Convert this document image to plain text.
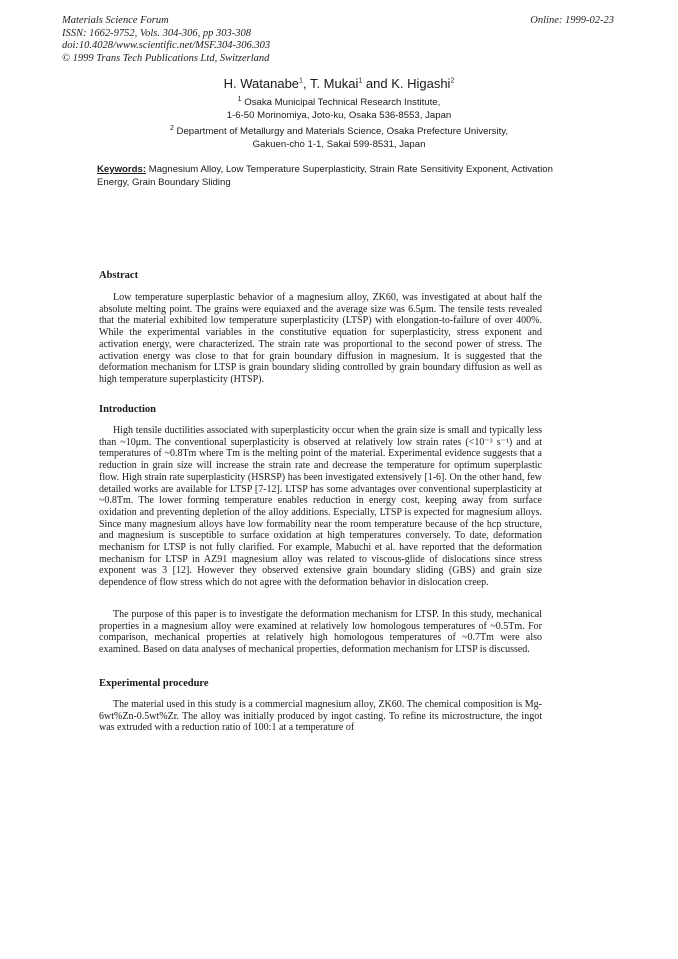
Materials Science Forum
ISSN: 1662-9752, Vols. 304-306, pp 303-308
doi:10.4028/www.scientific.net/MSF.304-306.303
© 1999 Trans Tech Publications Ltd, Switzerland
Online: 1999-02-23
H. Watanabe$^1$, T. Mukai$^1$ and K. Higashi$^2$
$^1$ Osaka Municipal Technical Research Institute,
1-6-50 Morinomiya, Joto-ku, Osaka 536-8553, Japan
$^2$ Department of Metallurgy and Materials Science, Osaka Prefecture University,
Gakuen-cho 1-1, Sakai 599-8531, Japan
Keywords: Magnesium Alloy, Low Temperature Superplasticity, Strain Rate Sensitivity Exponent, Activation Energy, Grain Boundary Sliding
Abstract
Low temperature superplastic behavior of a magnesium alloy, ZK60, was investigated at about half the absolute melting point. The grains were equiaxed and the average size was 6.5μm. The tensile tests revealed that the material exhibited low temperature superplasticity (LTSP) with elongation-to-failure of over 400%. While the experimental variables in the constitutive equation for superplasticity, stress exponent and activation energy, were characterized. The strain rate was proportional to the second power of stress. The activation energy was close to that for grain boundary diffusion in magnesium. It is suggested that the deformation mechanism for LTSP is grain boundary sliding controlled by grain boundary diffusion as well as high temperature superplasticity (HTSP).
Introduction
High tensile ductilities associated with superplasticity occur when the grain size is small and typically less than ~10μm. The conventional superplasticity is observed at relatively low strain rates (<10⁻³ s⁻¹) and at temperatures of ~0.8Tm where Tm is the melting point of the material. Experimental evidence suggests that a reduction in grain size will increase the strain rate and decrease the temperature for optimum superplastic flow. High strain rate superplasticity (HSRSP) has been investigated extensively [1-6]. On the other hand, few detailed works are available for LTSP [7-12]. LTSP has some advantages over conventional superplasticity at ~0.8Tm. The lower forming temperature enables reduction in energy cost, keeping away from surface oxidation and preventing depletion of the alloy additions. Especially, LTSP is expected for magnesium alloys. Since many magnesium alloys have low formability near the room temperature because of the hcp structure, and magnesium is susceptible to surface oxidation at high temperatures conversely. To date, deformation mechanism for LTSP is not fully clarified. For example, Mabuchi et al. have reported that the deformation mechanism for LTSP in AZ91 magnesium alloy was related to viscous-glide of dislocations since stress exponent was 3 [12]. However they observed extensive grain boundary sliding (GBS) and grain size dependence of flow stress which do not agree with the deformation behavior in dislocation creep.
The purpose of this paper is to investigate the deformation mechanism for LTSP. In this study, mechanical properties in a magnesium alloy were examined at relatively low homologous temperatures of ~0.5Tm. For comparison, mechanical properties at relatively high homologous temperatures of ~0.7Tm were also examined. Based on data analyses of mechanical properties, deformation mechanism for LTSP is discussed.
Experimental procedure
The material used in this study is a commercial magnesium alloy, ZK60. The chemical composition is Mg-6wt%Zn-0.5wt%Zr. The alloy was initially produced by ingot casting. To refine its microstructure, the ingot was extruded with a reduction ratio of 100:1 at a temperature of
